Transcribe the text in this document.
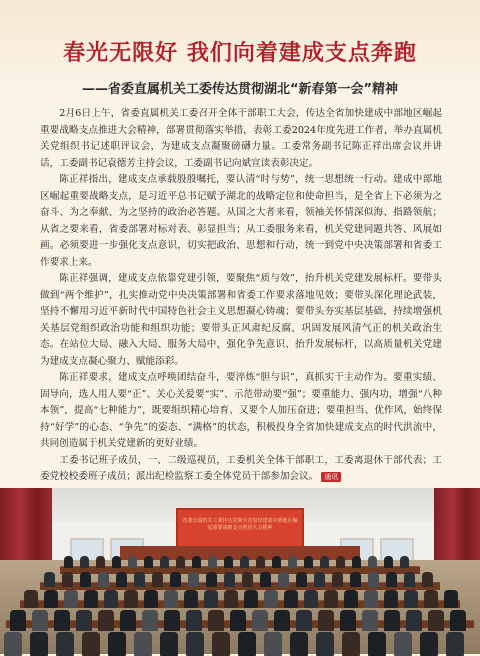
春光无限好 我们向着建成支点奔跑
——省委直属机关工委传达贯彻湖北“新春第一会”精神

2月6日上午，省委直属机关工委召开全体干部职工大会，传达全省加快建成中部地区崛起重要战略支点推进大会精神，部署贯彻落实举措，表彰工委2024年度先进工作者，举办直属机关党组织书记述职评议会，为建成支点凝聚磅礴力量。工委常务副书记陈正祥出席会议并讲话，工委副书记袁德芳主持会议，工委副书记向斌宣读表彰决定。

陈正祥指出，建成支点承载殷殷嘱托，要认清“时与势”，统一思想统一行动。建成中部地区崛起重要战略支点，是习近平总书记赋予湖北的战略定位和使命担当，是全省上下必须为之奋斗、为之奉献、为之坚持的政治必答题。从国之大者来看，领袖关怀情深似海、指路领航；从省之要来看，省委部署对标对表、彰显担当；从工委服务来看，机关党建同题共答、风展如画。必须要进一步强化支点意识，切实把政治、思想和行动，统一到党中央决策部署和省委工作要求上来。

陈正祥强调，建成支点依靠党建引领，要聚焦“质与效”，抬升机关党建发展标杆。要带头做到“两个维护”，扎实推动党中央决策部署和省委工作要求落地见效；要带头深化理论武装，坚持不懈用习近平新时代中国特色社会主义思想凝心铸魂；要带头夯实基层基础，持续增强机关基层党组织政治功能和组织功能；要带头正风肃纪反腐，巩固发展风清气正的机关政治生态。在站位大局、融入大局、服务大局中，强化争先意识、抬升发展标杆，以高质量机关党建为建成支点凝心聚力、赋能添彩。

陈正祥要求，建成支点呼唤团结奋斗，要淬炼“胆与识”，真抓实干主动作为。要重实绩、固导向，选人用人要“正”、关心关爱要“实”、示范带动要“强”；要重能力、强内功，增强“八种本领”，提高“七种能力”，既要组织精心培育、又要个人加压奋进；要重担当、优作风，始终保持“好学”的心态、“争先”的姿态、“满格”的状态，积极投身全省加快建成支点的时代洪流中，共同创造属于机关党建新的更好业绩。

工委书记班子成员，一、二级巡视员，工委机关全体干部职工，工委离退休干部代表；工委党校校委班子成员；派出纪检监察工委全体党员干部参加会议。 通讯

省委直属机关工委传达贯彻全省加快建成中部地区崛起重要战略支点推进大会精神
